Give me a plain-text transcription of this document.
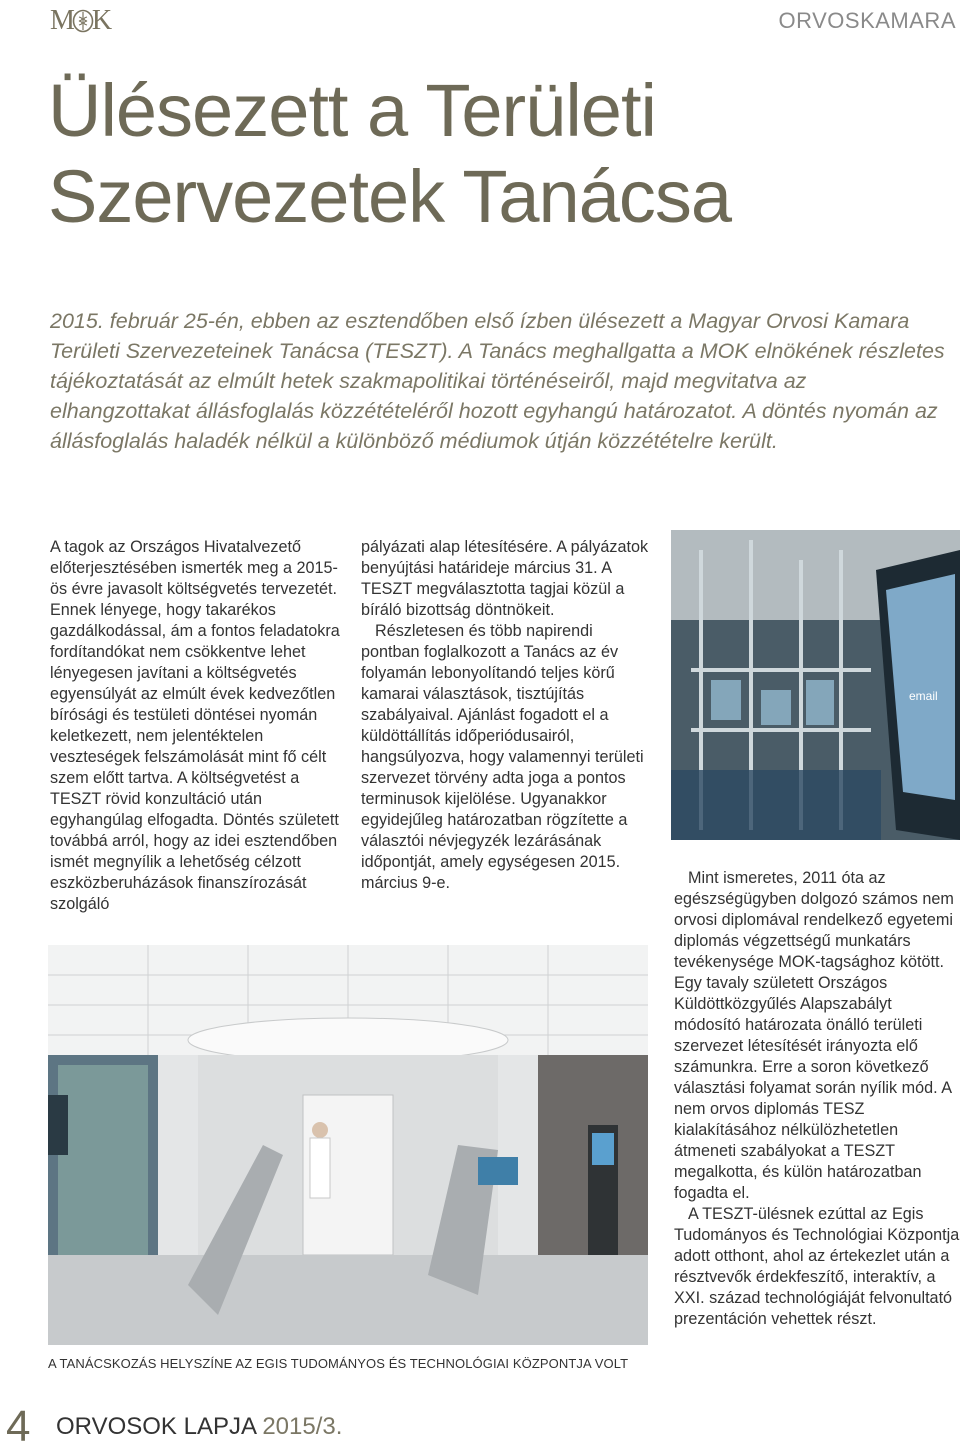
M K	ORVOSKAMARA
Ülésezett a Területi Szervezetek Tanácsa

2015. február 25-én, ebben az esztendőben első ízben ülésezett a Magyar Orvosi Kamara Területi Szervezeteinek Tanácsa (TESZT). A Tanács meghallgatta a MOK elnökének részletes tájékoztatását az elmúlt hetek szakmapolitikai történéseiről, majd megvitatva az elhangzottakat állásfoglalás közzétételéről hozott egyhangú határozatot. A döntés nyomán az állásfoglalás haladék nélkül a különböző médiumok útján közzétételre került.

A tagok az Országos Hivatalvezető előterjesztésében ismerték meg a 2015-ös évre javasolt költségvetés tervezetét. Ennek lényege, hogy takarékos gazdálkodással, ám a fontos feladatokra fordítandókat nem csökkentve lehet lényegesen javítani a költségvetés egyensúlyát az elmúlt évek kedvezőtlen bírósági és testületi döntései nyomán keletkezett, nem jelentéktelen veszteségek felszámolását mint fő célt szem előtt tartva. A költségvetést a TESZT rövid konzultáció után egyhangúlag elfogadta. Döntés született továbbá arról, hogy az idei esztendőben ismét megnyílik a lehetőség célzott eszközberuházások finanszírozását szolgáló

pályázati alap létesítésére. A pályázatok benyújtási határideje március 31. A TESZT megválasztotta tagjai közül a bíráló bizottság döntnökeit.

Részletesen és több napirendi pontban foglalkozott a Tanács az év folyamán lebonyolítandó teljes körű kamarai választások, tisztújítás szabályaival. Ajánlást fogadott el a küldöttállítás időperiódusairól, hangsúlyozva, hogy valamennyi területi szervezet törvény adta joga a pontos terminusok kijelölése. Ugyanakkor egyidejűleg határozatban rögzítette a választói névjegyzék lezárásának időpontját, amely egységesen 2015. március 9-e.

email

Mint ismeretes, 2011 óta az egészségügyben dolgozó számos nem orvosi diplomával rendelkező egyetemi diplomás végzettségű munkatárs tevékenysége MOK-tagsághoz kötött. Egy tavaly született Országos Küldöttközgyűlés Alapszabályt módosító határozata önálló területi szervezet létesítését irányozta elő számunkra. Erre a soron következő választási folyamat során nyílik mód. A nem orvos diplomás TESZ kialakításához nélkülözhetetlen átmeneti szabályokat a TESZT megalkotta, és külön határozatban fogadta el.

A TESZT-ülésnek ezúttal az Egis Tudományos és Technológiai Központja adott otthont, ahol az értekezlet után a résztvevők érdekfeszítő, interaktív, a XXI. század technológiáját felvonultató prezentáción vehettek részt.

A TANÁCSKOZÁS HELYSZÍNE AZ EGIS TUDOMÁNYOS ÉS TECHNOLÓGIAI KÖZPONTJA VOLT
4 ORVOSOK LAPJA 2015/3.
